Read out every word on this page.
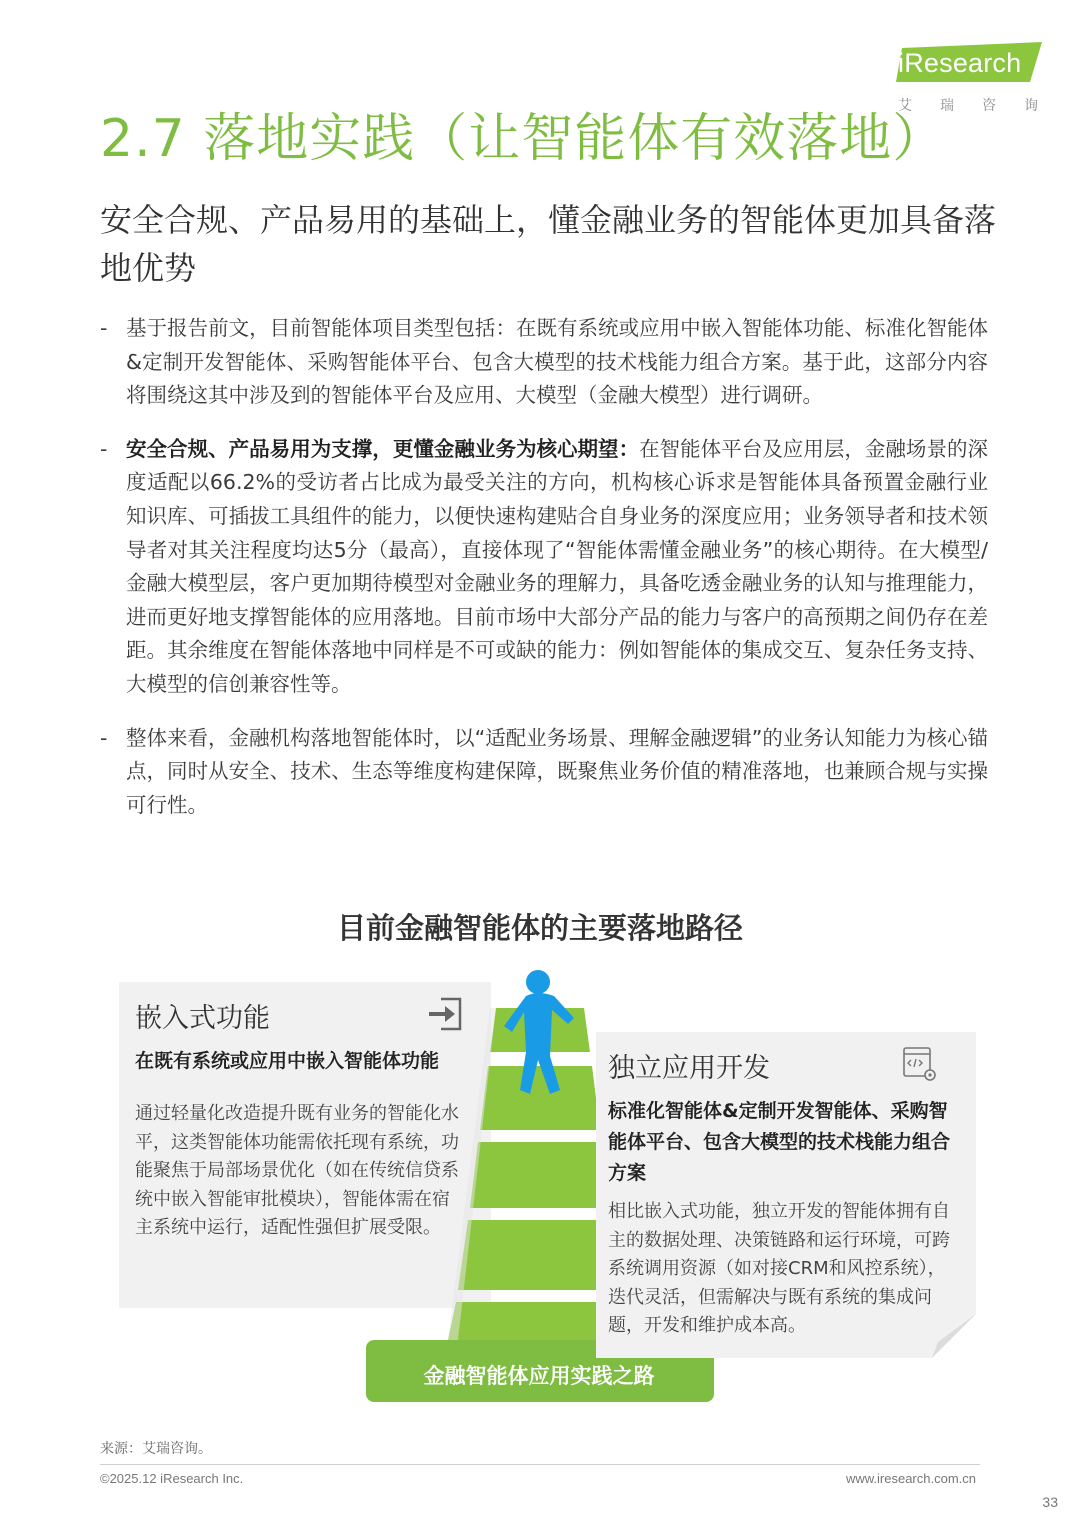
iResearch
艾瑞咨询
2.7 落地实践（让智能体有效落地）
安全合规、产品易用的基础上，懂金融业务的智能体更加具备落地优势
- 基于报告前文，目前智能体项目类型包括：在既有系统或应用中嵌入智能体功能、标准化智能体&定制开发智能体、采购智能体平台、包含大模型的技术栈能力组合方案。基于此，这部分内容将围绕这其中涉及到的智能体平台及应用、大模型（金融大模型）进行调研。
- 安全合规、产品易用为支撑，更懂金融业务为核心期望：在智能体平台及应用层，金融场景的深度适配以66.2%的受访者占比成为最受关注的方向，机构核心诉求是智能体具备预置金融行业知识库、可插拔工具组件的能力，以便快速构建贴合自身业务的深度应用；业务领导者和技术领导者对其关注程度均达5分（最高），直接体现了“智能体需懂金融业务”的核心期待。在大模型/金融大模型层，客户更加期待模型对金融业务的理解力，具备吃透金融业务的认知与推理能力，进而更好地支撑智能体的应用落地。目前市场中大部分产品的能力与客户的高预期之间仍存在差距。其余维度在智能体落地中同样是不可或缺的能力：例如智能体的集成交互、复杂任务支持、大模型的信创兼容性等。
- 整体来看，金融机构落地智能体时，以“适配业务场景、理解金融逻辑”的业务认知能力为核心锚点，同时从安全、技术、生态等维度构建保障，既聚焦业务价值的精准落地，也兼顾合规与实操可行性。
目前金融智能体的主要落地路径
嵌入式功能
在既有系统或应用中嵌入智能体功能
通过轻量化改造提升既有业务的智能化水平，这类智能体功能需依托现有系统，功能聚焦于局部场景优化（如在传统信贷系统中嵌入智能审批模块），智能体需在宿主系统中运行，适配性强但扩展受限。
金融智能体应用实践之路
独立应用开发
标准化智能体&定制开发智能体、采购智能体平台、包含大模型的技术栈能力组合方案
相比嵌入式功能，独立开发的智能体拥有自主的数据处理、决策链路和运行环境，可跨系统调用资源（如对接CRM和风控系统），迭代灵活，但需解决与既有系统的集成问题，开发和维护成本高。
来源：艾瑞咨询。
©2025.12 iResearch Inc.	www.iresearch.com.cn
33
